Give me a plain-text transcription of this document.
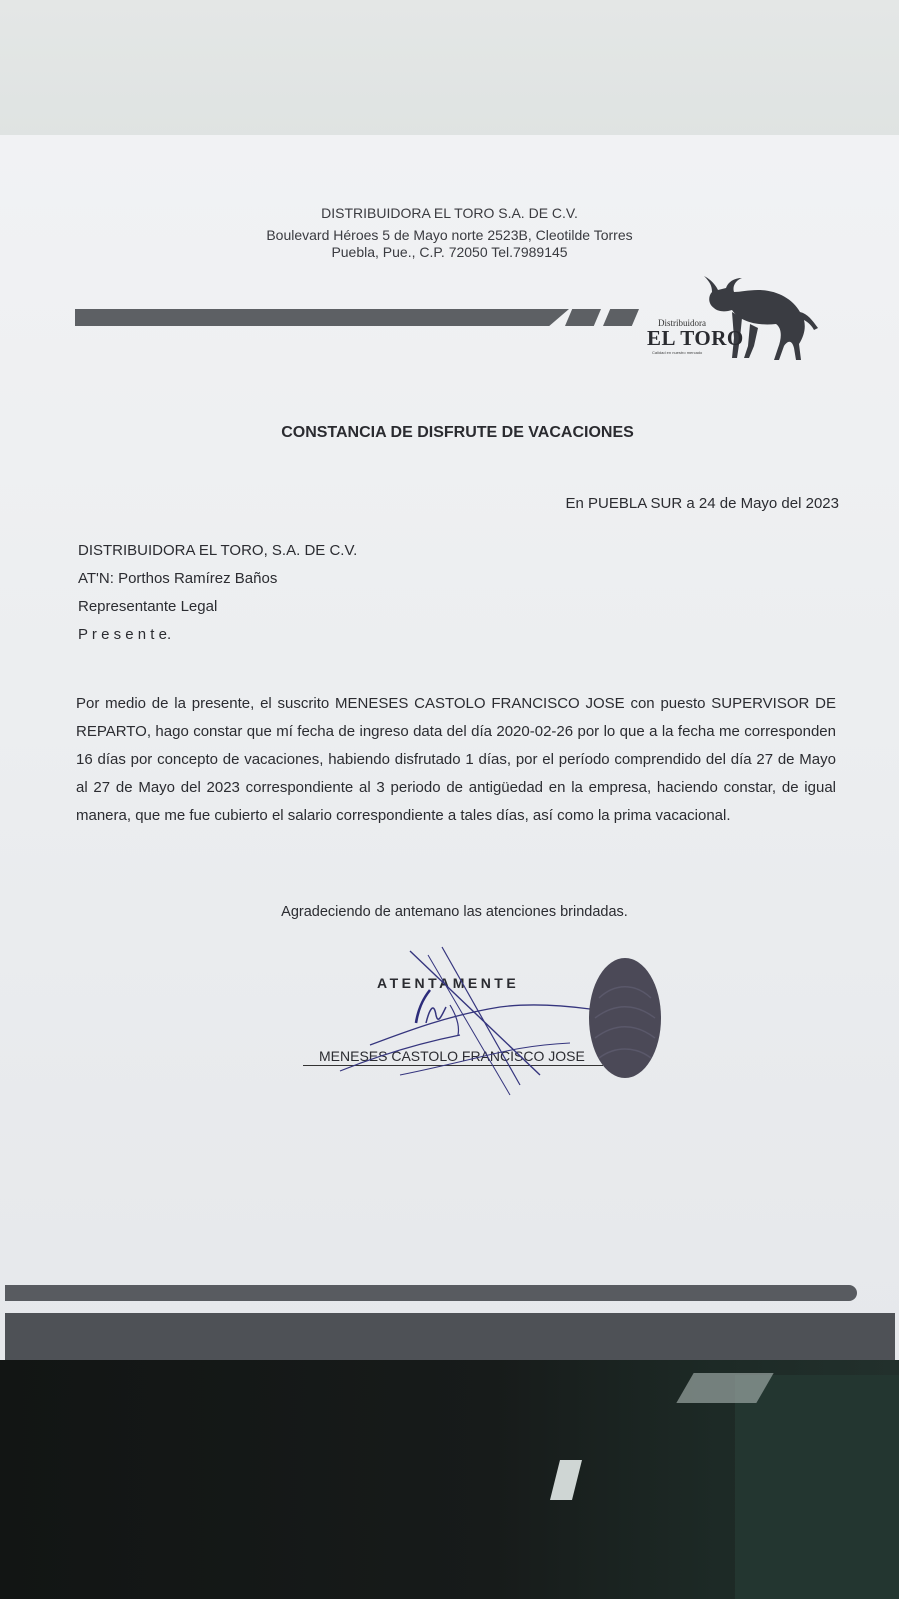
DISTRIBUIDORA EL TORO S.A. DE C.V.
Boulevard Héroes 5 de Mayo norte 2523B, Cleotilde Torres
Puebla, Pue., C.P. 72050 Tel.7989145
Distribuidora
EL TORO
Calidad en nuestro mercado
CONSTANCIA DE DISFRUTE DE VACACIONES
En PUEBLA SUR a 24 de Mayo del 2023
DISTRIBUIDORA EL TORO, S.A. DE C.V.
AT'N: Porthos Ramírez Baños
Representante Legal
P r e s e n t e.
Por medio de la presente, el suscrito MENESES CASTOLO FRANCISCO JOSE con puesto SUPERVISOR DE REPARTO, hago constar que mí fecha de ingreso data del día 2020-02-26 por lo que a la fecha me corresponden 16 días por concepto de vacaciones, habiendo disfrutado 1 días, por el período comprendido del día 27 de Mayo al 27 de Mayo del 2023 correspondiente al 3 periodo de antigüedad en la empresa, haciendo constar, de igual manera, que me fue cubierto el salario correspondiente a tales días, así como la prima vacacional.
Agradeciendo de antemano las atenciones brindadas.
ATENTAMENTE
MENESES CASTOLO FRANCISCO JOSE
